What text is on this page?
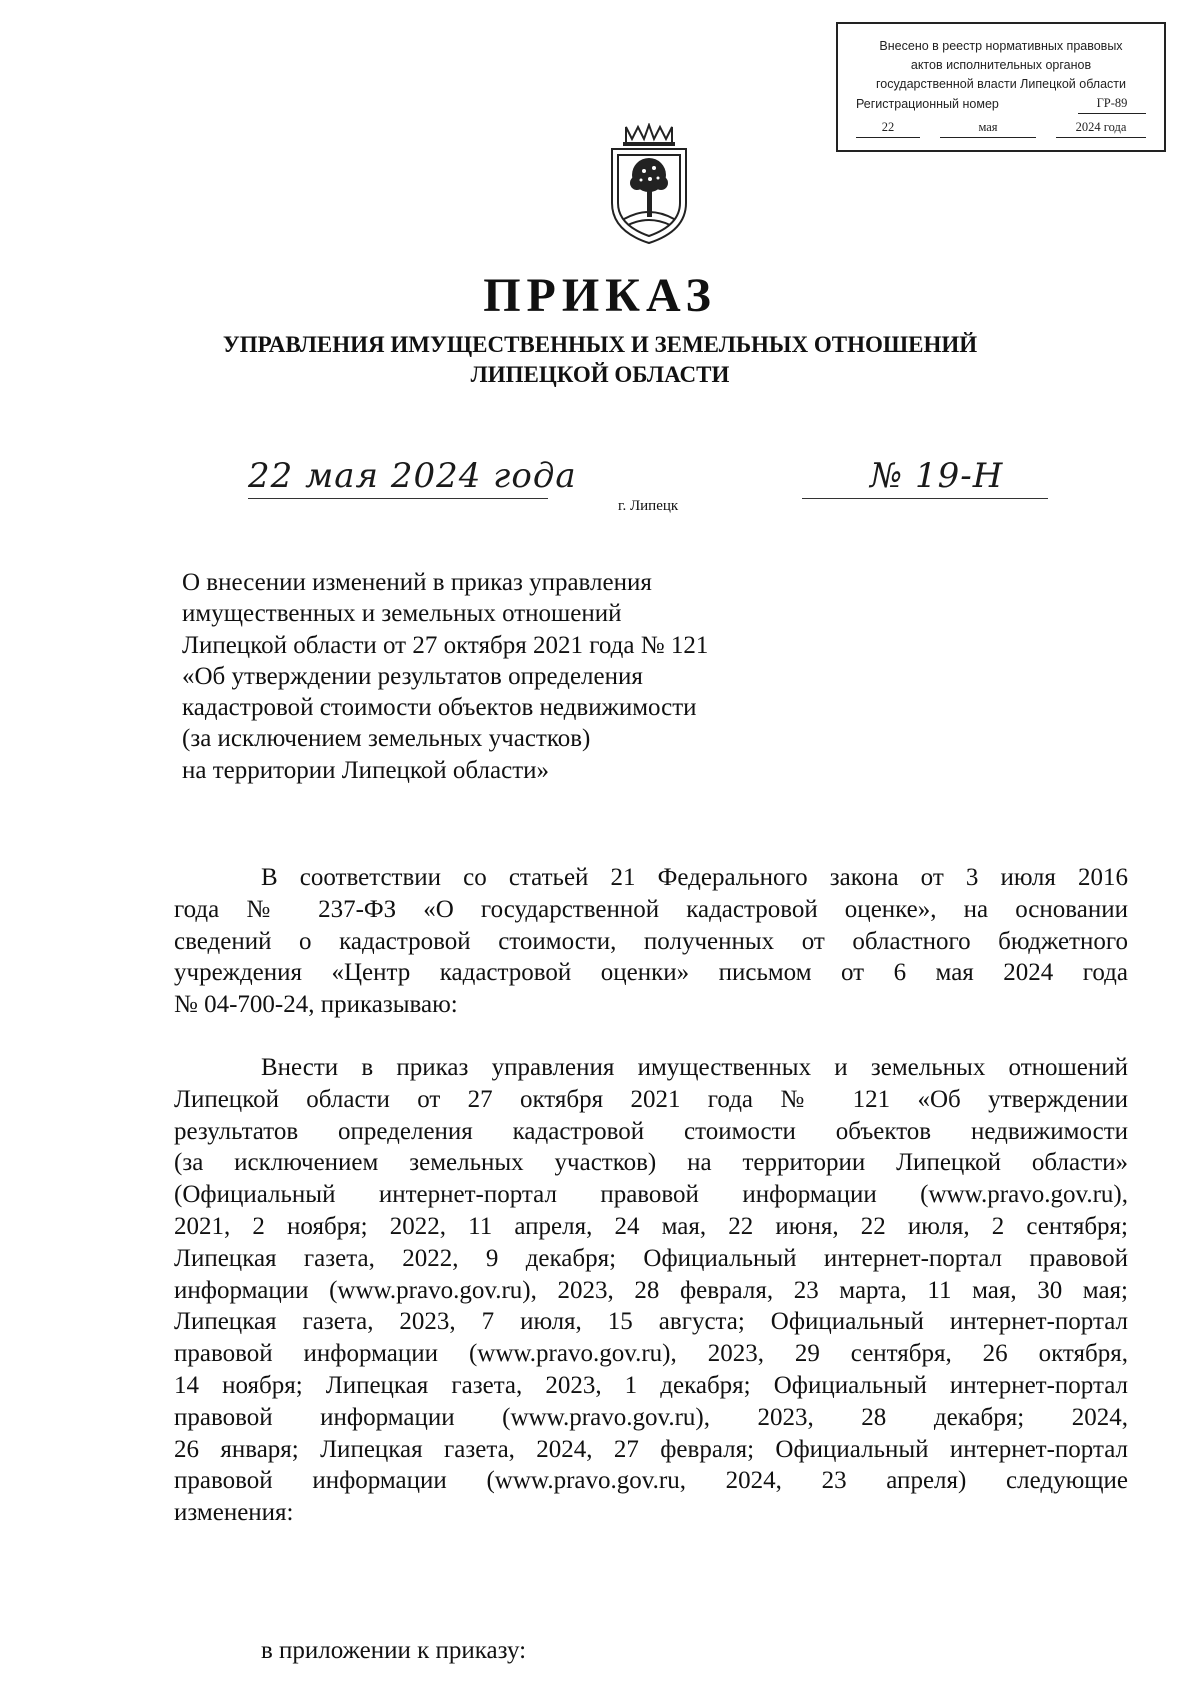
Внесено в реестр нормативных правовых
актов исполнительных органов
государственной власти Липецкой области
Регистрационный номер	ГР-89
22	мая	2024 года
ПРИКАЗ
УПРАВЛЕНИЯ ИМУЩЕСТВЕННЫХ И ЗЕМЕЛЬНЫХ ОТНОШЕНИЙ
ЛИПЕЦКОЙ ОБЛАСТИ
22 мая 2024 года
г. Липецк
№ 19-Н
О внесении изменений в приказ управления
имущественных и земельных отношений
Липецкой области от 27 октября 2021 года № 121
«Об утверждении результатов определения
кадастровой стоимости объектов недвижимости
(за исключением земельных участков)
на территории Липецкой области»
В соответствии со статьей 21 Федерального закона от 3 июля 2016
года № 237-ФЗ «О государственной кадастровой оценке», на основании
сведений о кадастровой стоимости, полученных от областного бюджетного
учреждения «Центр кадастровой оценки» письмом от 6 мая 2024 года
№ 04-700-24, приказываю:
Внести в приказ управления имущественных и земельных отношений
Липецкой области от 27 октября 2021 года № 121 «Об утверждении
результатов определения кадастровой стоимости объектов недвижимости
(за исключением земельных участков) на территории Липецкой области»
(Официальный интернет-портал правовой информации (www.pravo.gov.ru),
2021, 2 ноября; 2022, 11 апреля, 24 мая, 22 июня, 22 июля, 2 сентября;
Липецкая газета, 2022, 9 декабря; Официальный интернет-портал правовой
информации (www.pravo.gov.ru), 2023, 28 февраля, 23 марта, 11 мая, 30 мая;
Липецкая газета, 2023, 7 июля, 15 августа; Официальный интернет-портал
правовой информации (www.pravo.gov.ru), 2023, 29 сентября, 26 октября,
14 ноября; Липецкая газета, 2023, 1 декабря; Официальный интернет-портал
правовой информации (www.pravo.gov.ru), 2023, 28 декабря; 2024,
26 января; Липецкая газета, 2024, 27 февраля; Официальный интернет-портал
правовой информации (www.pravo.gov.ru, 2024, 23 апреля) следующие
изменения:

в приложении к приказу:
